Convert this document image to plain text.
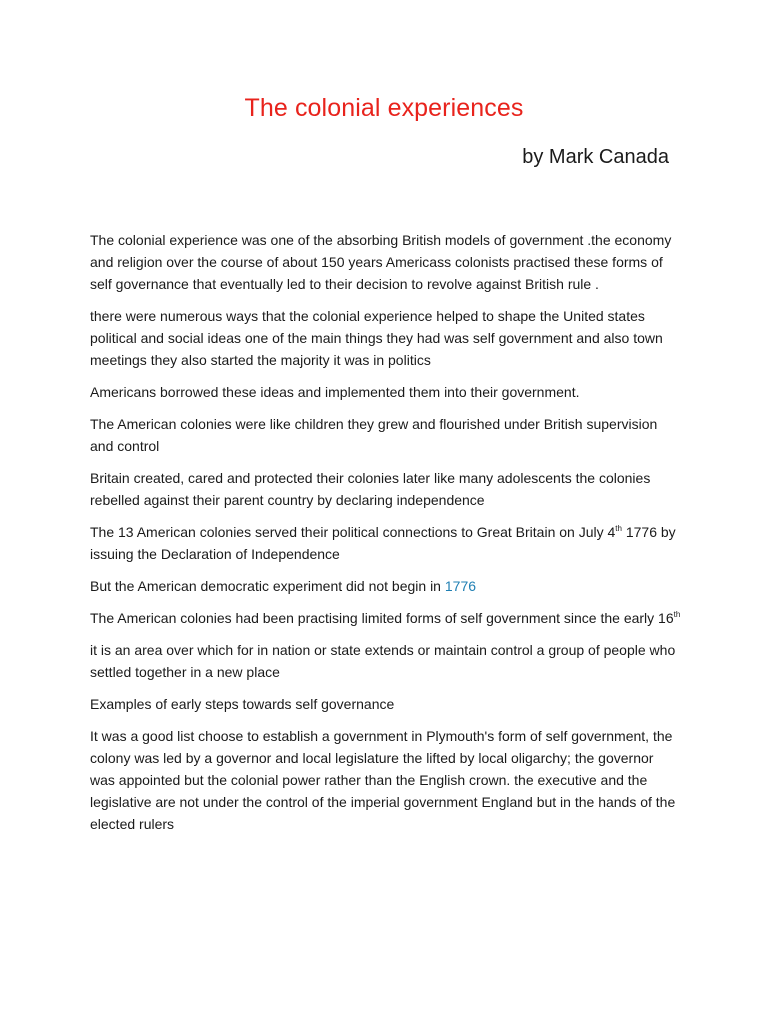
The colonial experiences
by Mark Canada

The colonial experience was one of the absorbing British models of government .the economy and religion over the course of about 150 years Americass colonists practised these forms of self governance that eventually led to their decision to revolve against British rule .

there were numerous ways that the colonial experience helped to shape the United states political and social ideas one of the main things they had was self government and also town meetings they also started the majority it was in politics

Americans borrowed these ideas and implemented them into their government.

The American colonies were like children they grew and flourished under British supervision and control

Britain created, cared and protected their colonies later like many adolescents the colonies rebelled against their parent country by declaring independence

The 13 American colonies served their political connections to Great Britain on July 4th 1776 by issuing the Declaration of Independence

But the American democratic experiment did not begin in 1776

The American colonies had been practising limited forms of self government since the early 16th

it is an area over which for in nation or state extends or maintain control a group of people who settled together in a new place

Examples of early steps towards self governance

It was a good list choose to establish a government in Plymouth's form of self government, the colony was led by a governor and local legislature the lifted by local oligarchy; the governor was appointed but the colonial power rather than the English crown. the executive and the legislative are not under the control of the imperial government England but in the hands of the elected rulers
